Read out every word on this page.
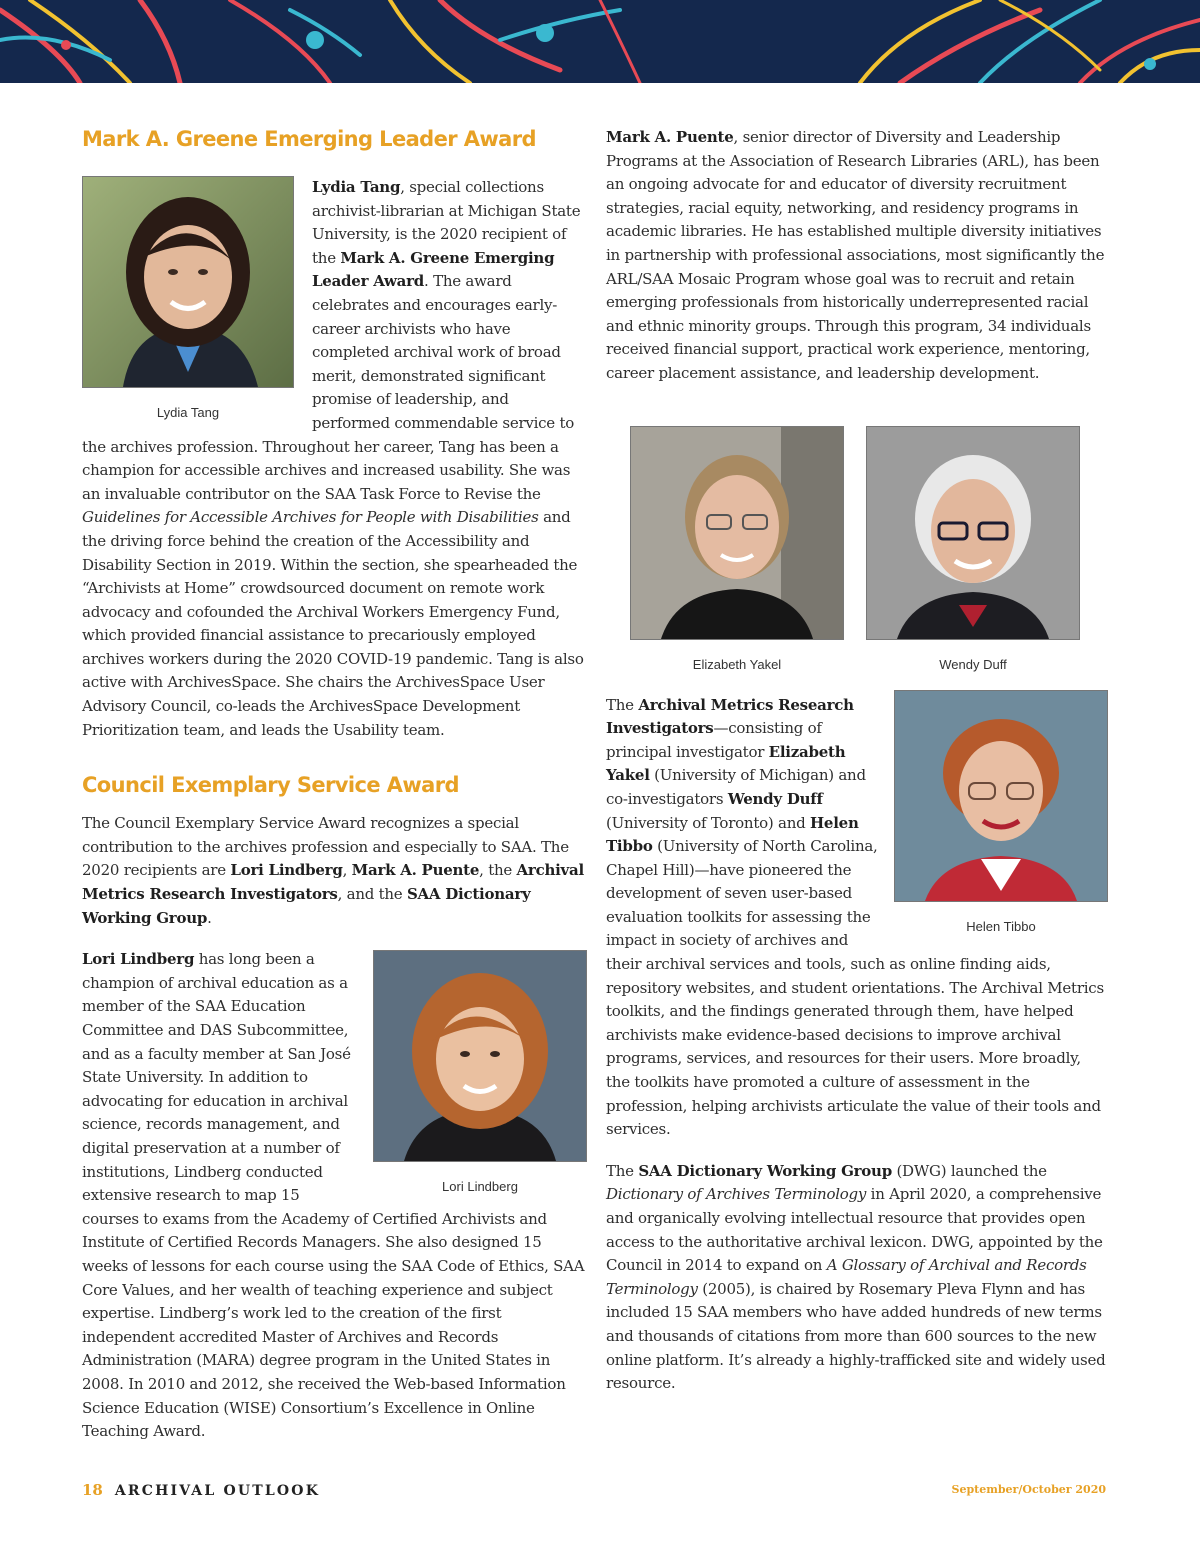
Mark A. Greene Emerging Leader Award
Lydia Tang

Lydia Tang, special collections archivist-librarian at Michigan State University, is the 2020 recipient of the Mark A. Greene Emerging Leader Award. The award celebrates and encourages early-career archivists who have completed archival work of broad merit, demonstrated significant promise of leadership, and performed commendable service to the archives profession. Throughout her career, Tang has been a champion for accessible archives and increased usability. She was an invaluable contributor on the SAA Task Force to Revise the Guidelines for Accessible Archives for People with Disabilities and the driving force behind the creation of the Accessibility and Disability Section in 2019. Within the section, she spearheaded the “Archivists at Home” crowdsourced document on remote work advocacy and cofounded the Archival Workers Emergency Fund, which provided financial assistance to precariously employed archives workers during the 2020 COVID-19 pandemic. Tang is also active with ArchivesSpace. She chairs the ArchivesSpace User Advisory Council, co-leads the ArchivesSpace Development Prioritization team, and leads the Usability team.

Council Exemplary Service Award

The Council Exemplary Service Award recognizes a special contribution to the archives profession and especially to SAA. The 2020 recipients are Lori Lindberg, Mark A. Puente, the Archival Metrics Research Investigators, and the SAA Dictionary Working Group.

Lori Lindberg

Lori Lindberg has long been a champion of archival education as a member of the SAA Education Committee and DAS Subcommittee, and as a faculty member at San José State University. In addition to advocating for education in archival science, records management, and digital preservation at a number of institutions, Lindberg conducted extensive research to map 15 courses to exams from the Academy of Certified Archivists and Institute of Certified Records Managers. She also designed 15 weeks of lessons for each course using the SAA Code of Ethics, SAA Core Values, and her wealth of teaching experience and subject expertise. Lindberg’s work led to the creation of the first independent accredited Master of Archives and Records Administration (MARA) degree program in the United States in 2008. In 2010 and 2012, she received the Web-based Information Science Education (WISE) Consortium’s Excellence in Online Teaching Award.

Mark A. Puente, senior director of Diversity and Leadership Programs at the Association of Research Libraries (ARL), has been an ongoing advocate for and educator of diversity recruitment strategies, racial equity, networking, and residency programs in academic libraries. He has established multiple diversity initiatives in partnership with professional associations, most significantly the ARL/SAA Mosaic Program whose goal was to recruit and retain emerging professionals from historically underrepresented racial and ethnic minority groups. Through this program, 34 individuals received financial support, practical work experience, mentoring, career placement assistance, and leadership development.

Elizabeth Yakel	Wendy Duff
Helen Tibbo

The Archival Metrics Research Investigators—consisting of principal investigator Elizabeth Yakel (University of Michigan) and co-investigators Wendy Duff (University of Toronto) and Helen Tibbo (University of North Carolina, Chapel Hill)—have pioneered the development of seven user-based evaluation toolkits for assessing the impact in society of archives and their archival services and tools, such as online finding aids, repository websites, and student orientations. The Archival Metrics toolkits, and the findings generated through them, have helped archivists make evidence-based decisions to improve archival programs, services, and resources for their users. More broadly, the toolkits have promoted a culture of assessment in the profession, helping archivists articulate the value of their tools and services.

The SAA Dictionary Working Group (DWG) launched the Dictionary of Archives Terminology in April 2020, a comprehensive and organically evolving intellectual resource that provides open access to the authoritative archival lexicon. DWG, appointed by the Council in 2014 to expand on A Glossary of Archival and Records Terminology (2005), is chaired by Rosemary Pleva Flynn and has included 15 SAA members who have added hundreds of new terms and thousands of citations from more than 600 sources to the new online platform. It’s already a highly-trafficked site and widely used resource.

18 ARCHIVAL OUTLOOK	September/October 2020
